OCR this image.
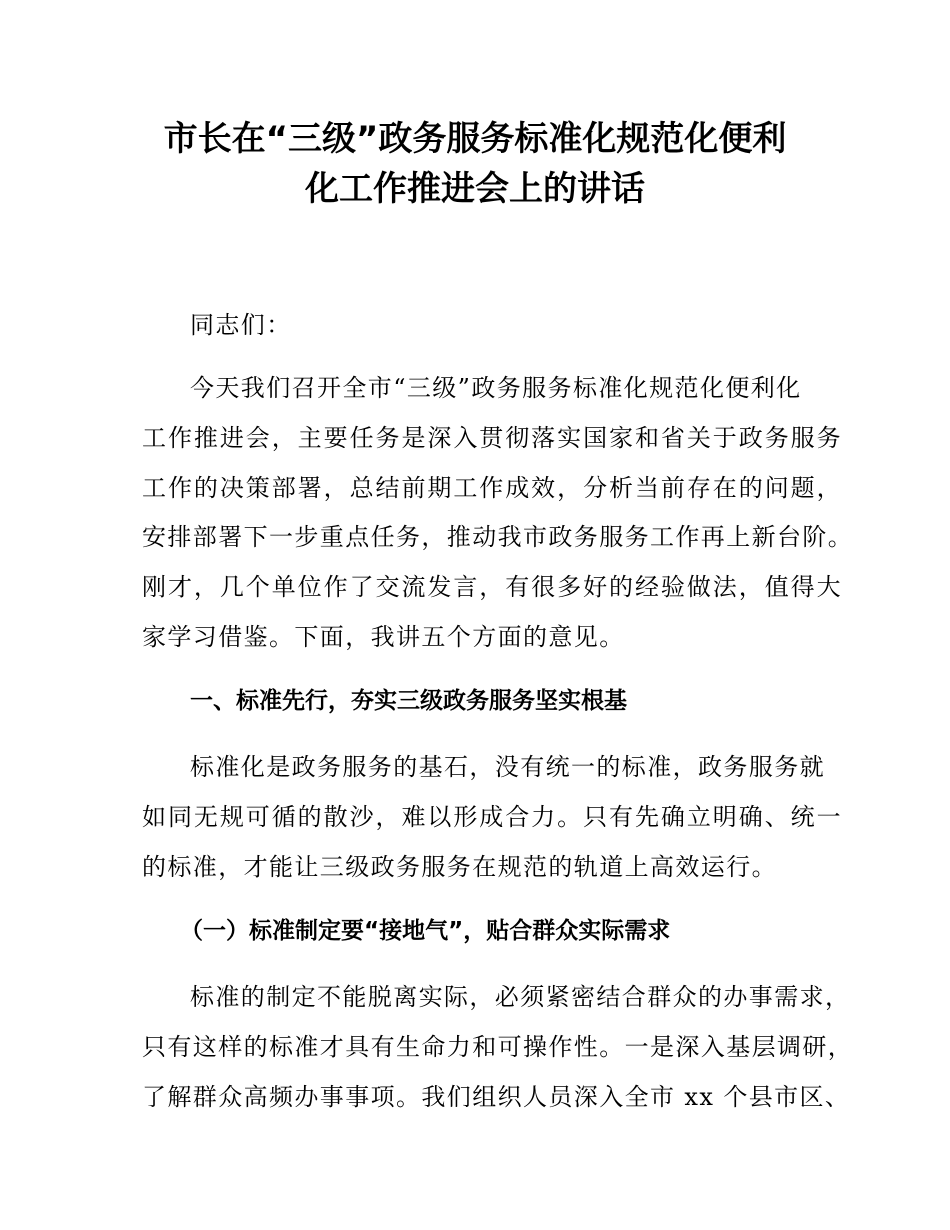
市长在“三级”政务服务标准化规范化便利
化工作推进会上的讲话
同志们：
今天我们召开全市“三级”政务服务标准化规范化便利化
工作推进会，主要任务是深入贯彻落实国家和省关于政务服务
工作的决策部署，总结前期工作成效，分析当前存在的问题，
安排部署下一步重点任务，推动我市政务服务工作再上新台阶。
刚才，几个单位作了交流发言，有很多好的经验做法，值得大
家学习借鉴。下面，我讲五个方面的意见。
一、标准先行，夯实三级政务服务坚实根基
标准化是政务服务的基石，没有统一的标准，政务服务就
如同无规可循的散沙，难以形成合力。只有先确立明确、统一
的标准，才能让三级政务服务在规范的轨道上高效运行。
（一）标准制定要“接地气”，贴合群众实际需求
标准的制定不能脱离实际，必须紧密结合群众的办事需求，
只有这样的标准才具有生命力和可操作性。一是深入基层调研，
了解群众高频办事事项。我们组织人员深入全市 xx 个县市区、
